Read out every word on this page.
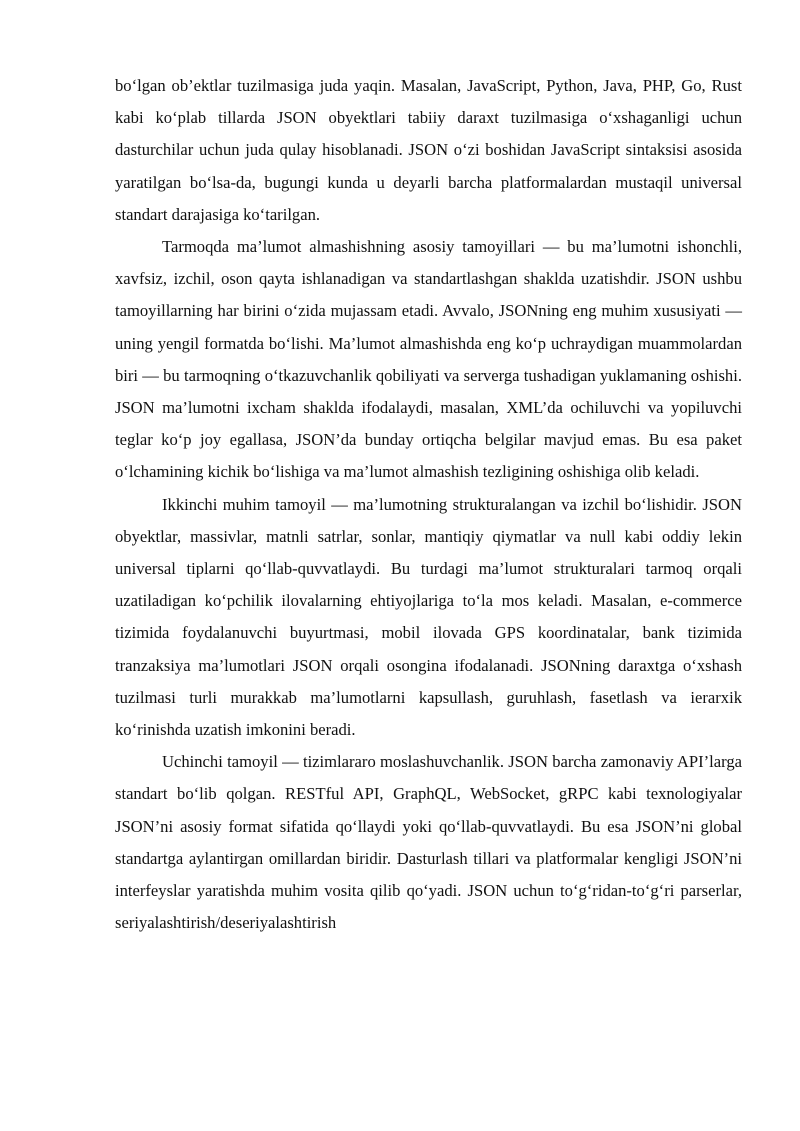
bo‘lgan ob’ektlar tuzilmasiga juda yaqin. Masalan, JavaScript, Python, Java, PHP, Go, Rust kabi ko‘plab tillarda JSON obyektlari tabiiy daraxt tuzilmasiga o‘xshaganligi uchun dasturchilar uchun juda qulay hisoblanadi. JSON o‘zi boshidan JavaScript sintaksisi asosida yaratilgan bo‘lsa-da, bugungi kunda u deyarli barcha platformalardan mustaqil universal standart darajasiga ko‘tarilgan.

Tarmoqda ma’lumot almashishning asosiy tamoyillari — bu ma’lumotni ishonchli, xavfsiz, izchil, oson qayta ishlanadigan va standartlashgan shaklda uzatishdir. JSON ushbu tamoyillarning har birini o‘zida mujassam etadi. Avvalo, JSONning eng muhim xususiyati — uning yengil formatda bo‘lishi. Ma’lumot almashishda eng ko‘p uchraydigan muammolardan biri — bu tarmoqning o‘tkazuvchanlik qobiliyati va serverga tushadigan yuklamaning oshishi. JSON ma’lumotni ixcham shaklda ifodalaydi, masalan, XML’da ochiluvchi va yopiluvchi teglar ko‘p joy egallasa, JSON’da bunday ortiqcha belgilar mavjud emas. Bu esa paket o‘lchamining kichik bo‘lishiga va ma’lumot almashish tezligining oshishiga olib keladi.

Ikkinchi muhim tamoyil — ma’lumotning strukturalangan va izchil bo‘lishidir. JSON obyektlar, massivlar, matnli satrlar, sonlar, mantiqiy qiymatlar va null kabi oddiy lekin universal tiplarni qo‘llab-quvvatlaydi. Bu turdagi ma’lumot strukturalari tarmoq orqali uzatiladigan ko‘pchilik ilovalarning ehtiyojlariga to‘la mos keladi. Masalan, e-commerce tizimida foydalanuvchi buyurtmasi, mobil ilovada GPS koordinatalar, bank tizimida tranzaksiya ma’lumotlari JSON orqali osongina ifodalanadi. JSONning daraxtga o‘xshash tuzilmasi turli murakkab ma’lumotlarni kapsullash, guruhlash, fasetlash va ierarxik ko‘rinishda uzatish imkonini beradi.

Uchinchi tamoyil — tizimlararo moslashuvchanlik. JSON barcha zamonaviy API’larga standart bo‘lib qolgan. RESTful API, GraphQL, WebSocket, gRPC kabi texnologiyalar JSON’ni asosiy format sifatida qo‘llaydi yoki qo‘llab-quvvatlaydi. Bu esa JSON’ni global standartga aylantirgan omillardan biridir. Dasturlash tillari va platformalar kengligi JSON’ni interfeyslar yaratishda muhim vosita qilib qo‘yadi. JSON uchun to‘g‘ridan-to‘g‘ri parserlar, seriyalashtirish/deseriyalashtirish
